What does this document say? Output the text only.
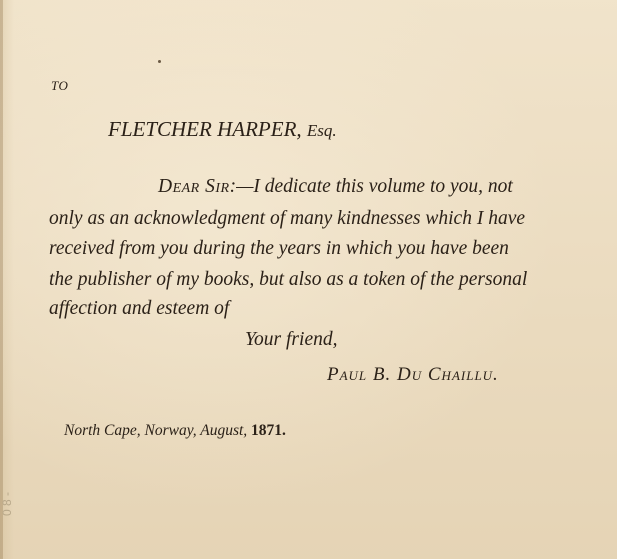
TO
FLETCHER HARPER, Esq.
Dear Sir:—I dedicate this volume to you, not
only as an acknowledgment of many kindnesses which I have
received from you during the years in which you have been
the publisher of my books, but also as a token of the personal
affection and esteem of
Your friend,
Paul B. Du Chaillu.
North Cape, Norway, August, 1871.
0 8 -
